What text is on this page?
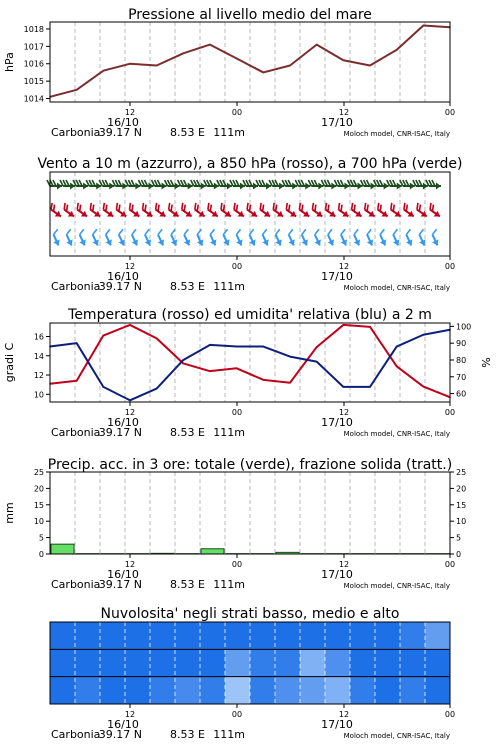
1014
1015
1016
1017
1018
hPa
Pressione al livello medio del mare
12	00	12	00
16/10	17/10
Carbonia
39.17 N	8.53 E 111m	Moloch model, CNR-ISAC, Italy
Vento a 10 m (azzurro), a 850 hPa (rosso), a 700 hPa (verde)
12	00	12	00
16/10	17/10
Carbonia
39.17 N	8.53 E 111m	Moloch model, CNR-ISAC, Italy
10
12
14
16
60
70
80
90
100
gradi C	%
Temperatura (rosso) ed umidita' relativa (blu) a 2 m
12	00	12	00
16/10	17/10
Carbonia
39.17 N	8.53 E 111m	Moloch model, CNR-ISAC, Italy
0
5
10
15
20
25
0
5
10
15
20
25
mm
Precip. acc. in 3 ore: totale (verde), frazione solida (tratt.)
12	00	12	00
16/10	17/10
Carbonia
39.17 N	8.53 E 111m	Moloch model, CNR-ISAC, Italy
Nuvolosita' negli strati basso, medio e alto
12	00	12	00
16/10	17/10
Carbonia
39.17 N	8.53 E 111m	Moloch model, CNR-ISAC, Italy
